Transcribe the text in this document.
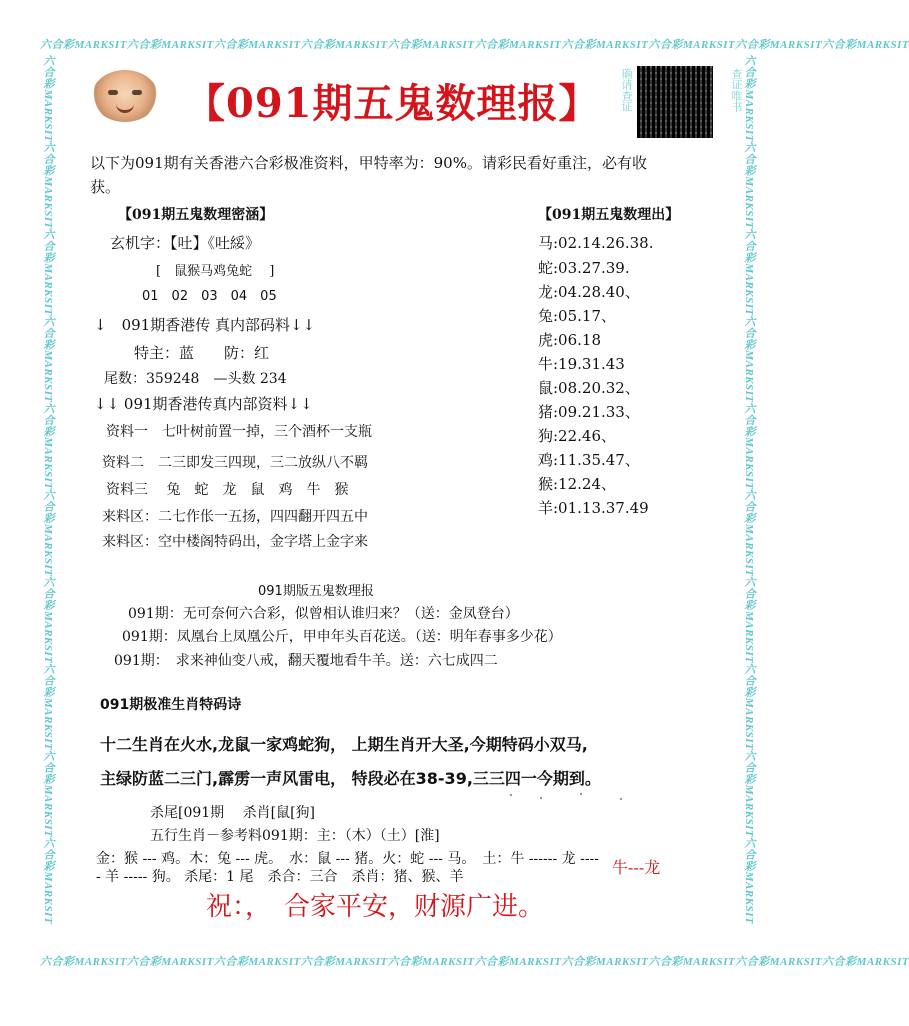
六合彩MARKSIT六合彩MARKSIT六合彩MARKSIT六合彩MARKSIT六合彩MARKSIT六合彩MARKSIT六合彩MARKSIT六合彩MARKSIT六合彩MARKSIT六合彩MARKSIT
六合彩MARKSIT六合彩MARKSIT六合彩MARKSIT六合彩MARKSIT六合彩MARKSIT六合彩MARKSIT六合彩MARKSIT六合彩MARKSIT六合彩MARKSIT六合彩MARKSIT
六合彩MARKSIT六合彩MARKSIT六合彩MARKSIT六合彩MARKSIT六合彩MARKSIT六合彩MARKSIT六合彩MARKSIT六合彩MARKSIT六合彩MARKSIT六合彩MARKSIT	六合彩MARKSIT六合彩MARKSIT六合彩MARKSIT六合彩MARKSIT六合彩MARKSIT六合彩MARKSIT六合彩MARKSIT六合彩MARKSIT六合彩MARKSIT六合彩MARKSIT
【091期五鬼数理报】	确请查证	查证唯书
以下为091期有关香港六合彩极准资料，甲特率为：90%。请彩民看好重注，必有收
获。
【091期五鬼数理密涵】
玄机字：【吐】《吐綏》
[　鼠猴马鸡兔蛇　 ]
01　02　03　04　05
↓　091期香港传 真内部码料↓↓
特主：蓝　　防：红
尾数：359248　—头数 234
↓↓ 091期香港传真内部资料↓↓
资料一　七叶树前置一掉，三个酒杯一支瓶
资料二　二三即发三四现，三二放纵八不羁
资料三　 兔　蛇　龙　鼠　鸡　牛　猴
来料区：二七作伥一五扬，四四翻开四五中
来料区：空中楼阁特码出，金字塔上金字来
【091期五鬼数理出】
马:02.14.26.38.
蛇:03.27.39.
龙:04.28.40、
兔:05.17、
虎:06.18
牛:19.31.43
鼠:08.20.32、
猪:09.21.33、
狗:22.46、
鸡:11.35.47、
猴:12.24、
羊:01.13.37.49
091期版五鬼数理报
091期：无可奈何六合彩，似曾相认谁归来？（送：金凤登台）
091期：凤凰台上凤凰公斤，甲申年头百花送。（送：明年春事多少花）
091期：　求来神仙变八戒，翻天覆地看牛羊。送：六七成四二
091期极准生肖特码诗
十二生肖在火水,龙鼠一家鸡蛇狗， 上期生肖开大圣,今期特码小双马,
主绿防蓝二三门,霹雳一声风雷电， 特段必在38-39,三三四一今期到。
杀尾[091期　 杀肖[鼠[狗]
五行生肖－参考料091期：主：（木）（土）[淮]
金：猴 --- 鸡。木：兔 --- 虎。　水：鼠 --- 猪。火：蛇 --- 马。　土：牛 ------ 龙 ----
- 羊 ----- 狗。 杀尾：1 尾　杀合：三合　杀肖：猪、猴、羊	牛---龙
祝：，　合家平安，财源广进。
